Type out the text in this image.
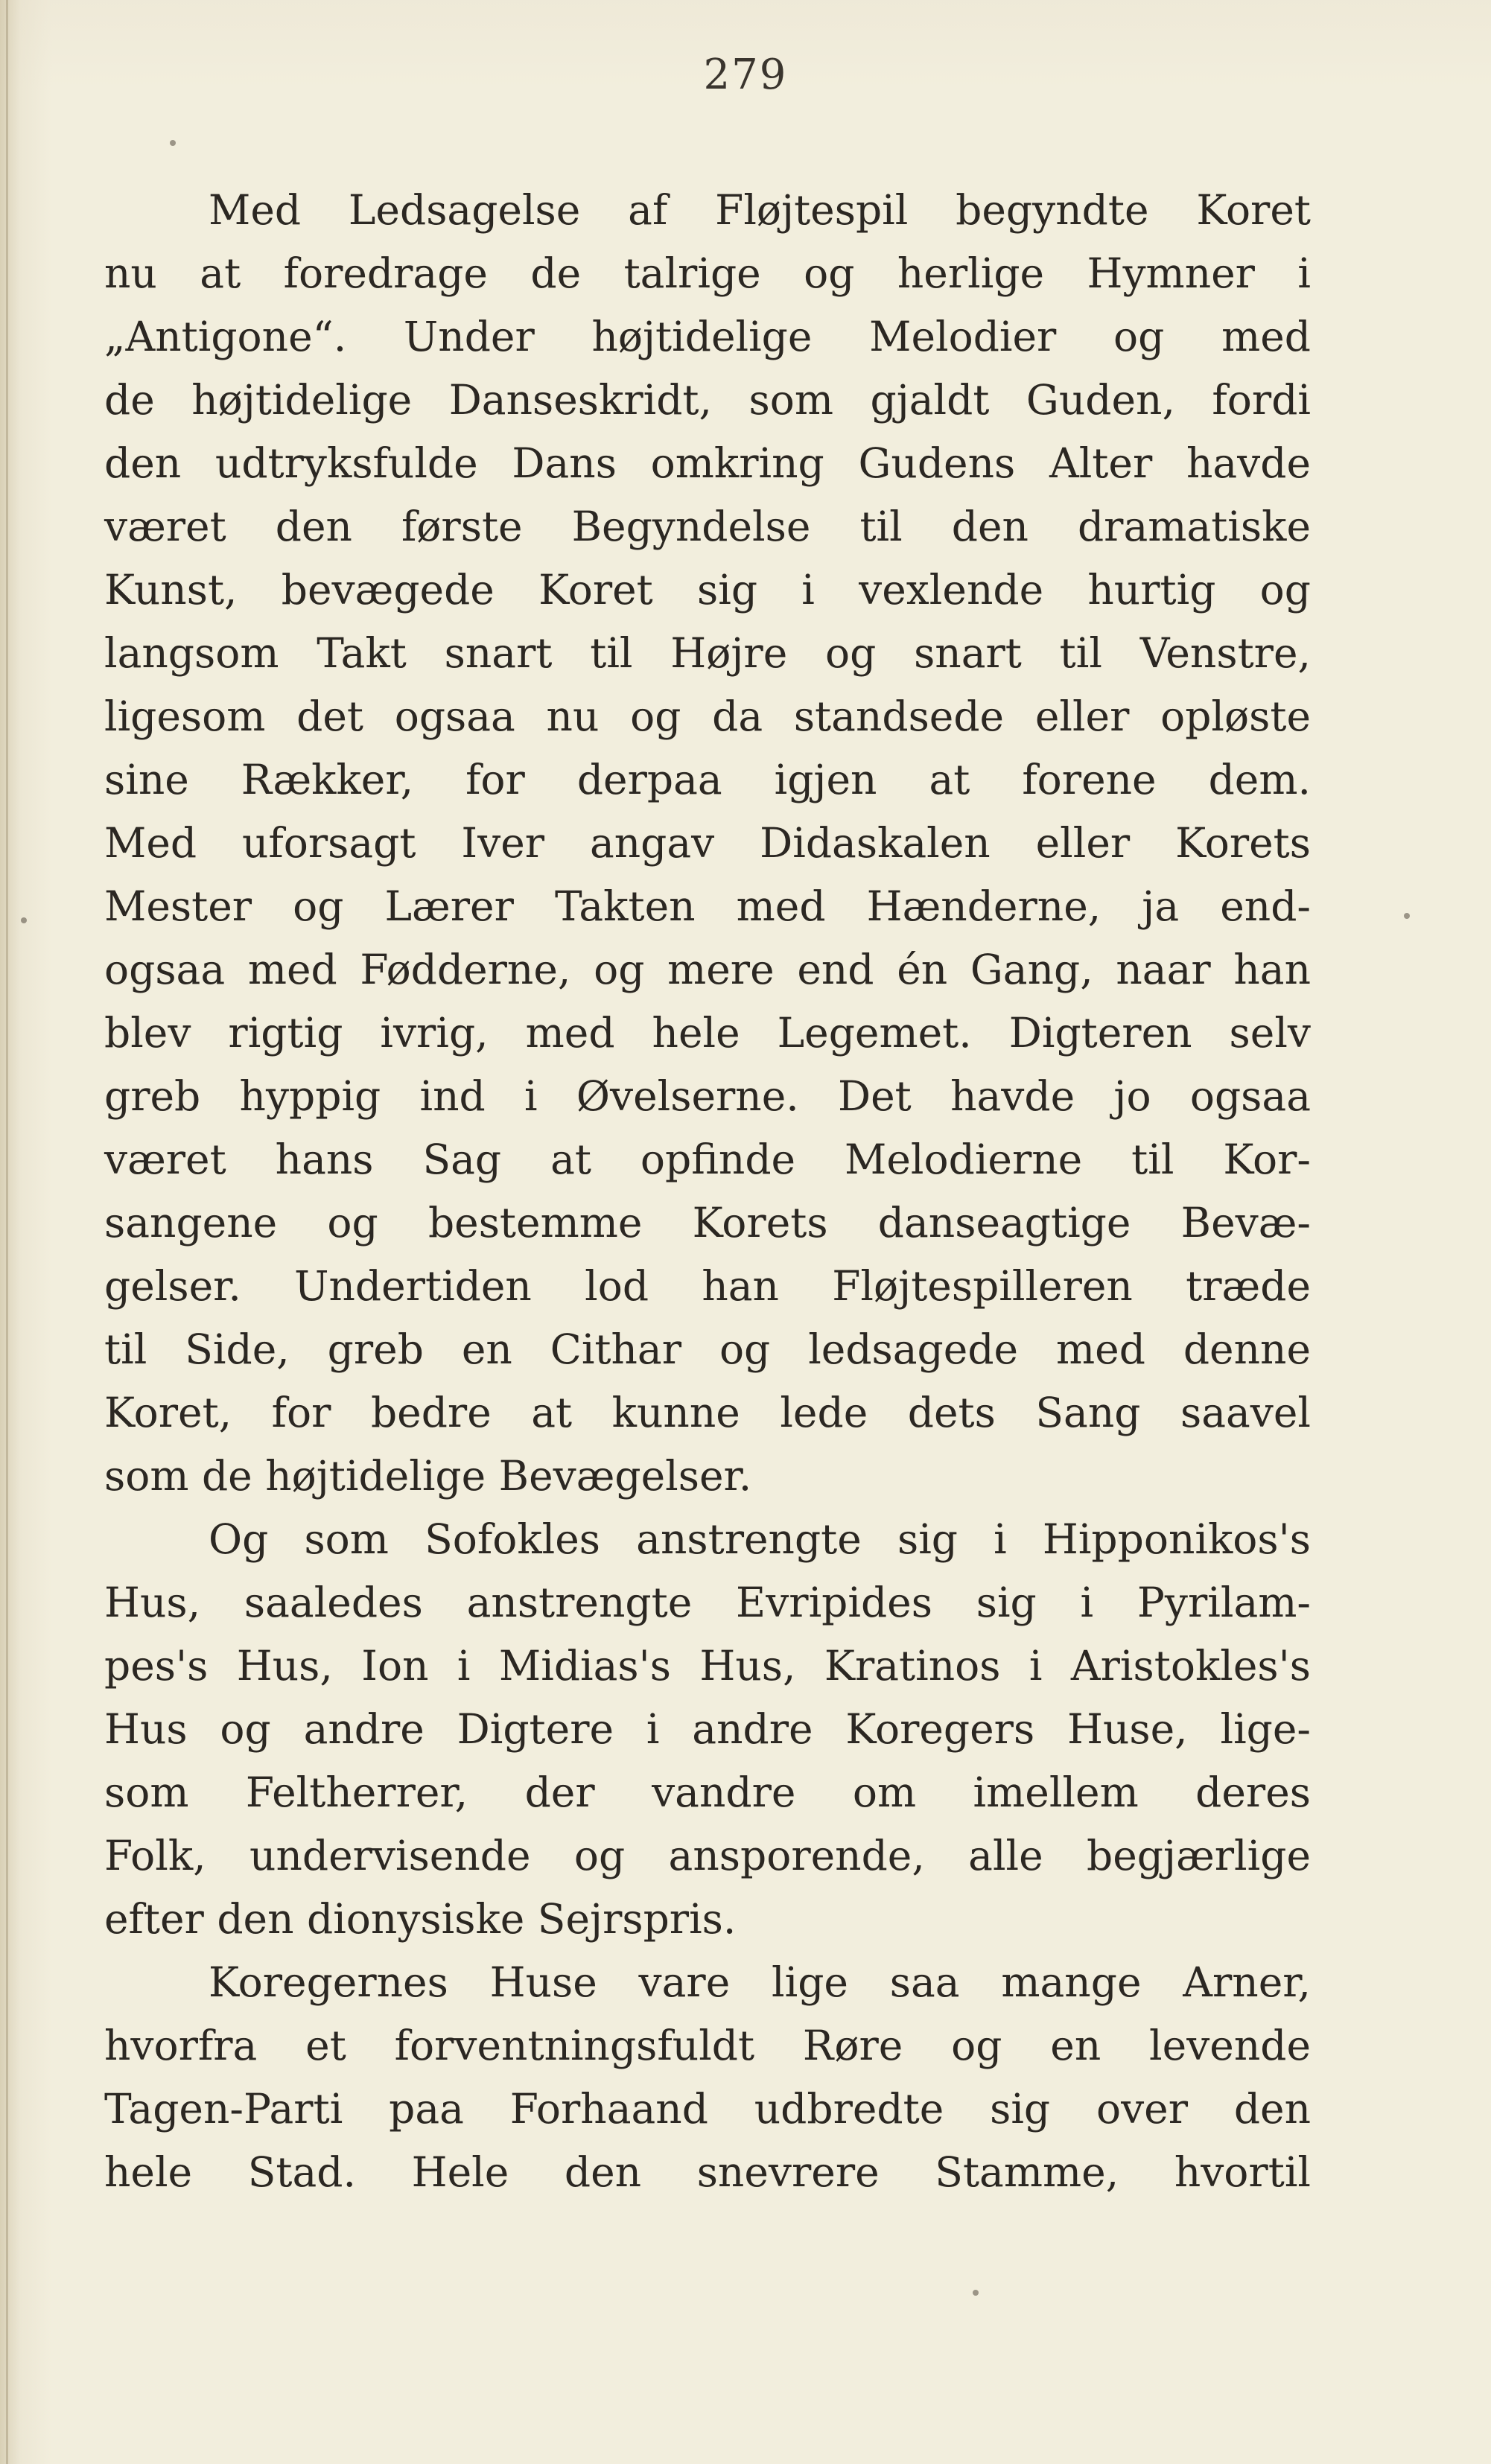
279
Med Ledsagelse af Fløjtespil begyndte Koret
nu at foredrage de talrige og herlige Hymner i
„Antigone“. Under højtidelige Melodier og med
de højtidelige Danseskridt, som gjaldt Guden, fordi
den udtryksfulde Dans omkring Gudens Alter havde
været den første Begyndelse til den dramatiske
Kunst, bevægede Koret sig i vexlende hurtig og
langsom Takt snart til Højre og snart til Venstre,
ligesom det ogsaa nu og da standsede eller opløste
sine Rækker, for derpaa igjen at forene dem.
Med uforsagt Iver angav Didaskalen eller Korets
Mester og Lærer Takten med Hænderne, ja end-
ogsaa med Fødderne, og mere end én Gang, naar han
blev rigtig ivrig, med hele Legemet. Digteren selv
greb hyppig ind i Øvelserne. Det havde jo ogsaa
været hans Sag at opfinde Melodierne til Kor-
sangene og bestemme Korets danseagtige Bevæ-
gelser. Undertiden lod han Fløjtespilleren træde
til Side, greb en Cithar og ledsagede med denne
Koret, for bedre at kunne lede dets Sang saavel
som de højtidelige Bevægelser.
Og som Sofokles anstrengte sig i Hipponikos's
Hus, saaledes anstrengte Evripides sig i Pyrilam-
pes's Hus, Ion i Midias's Hus, Kratinos i Aristokles's
Hus og andre Digtere i andre Koregers Huse, lige-
som Feltherrer, der vandre om imellem deres
Folk, undervisende og ansporende, alle begjærlige
efter den dionysiske Sejrspris.
Koregernes Huse vare lige saa mange Arner,
hvorfra et forventningsfuldt Røre og en levende
Tagen-Parti paa Forhaand udbredte sig over den
hele Stad. Hele den snevrere Stamme, hvortil
